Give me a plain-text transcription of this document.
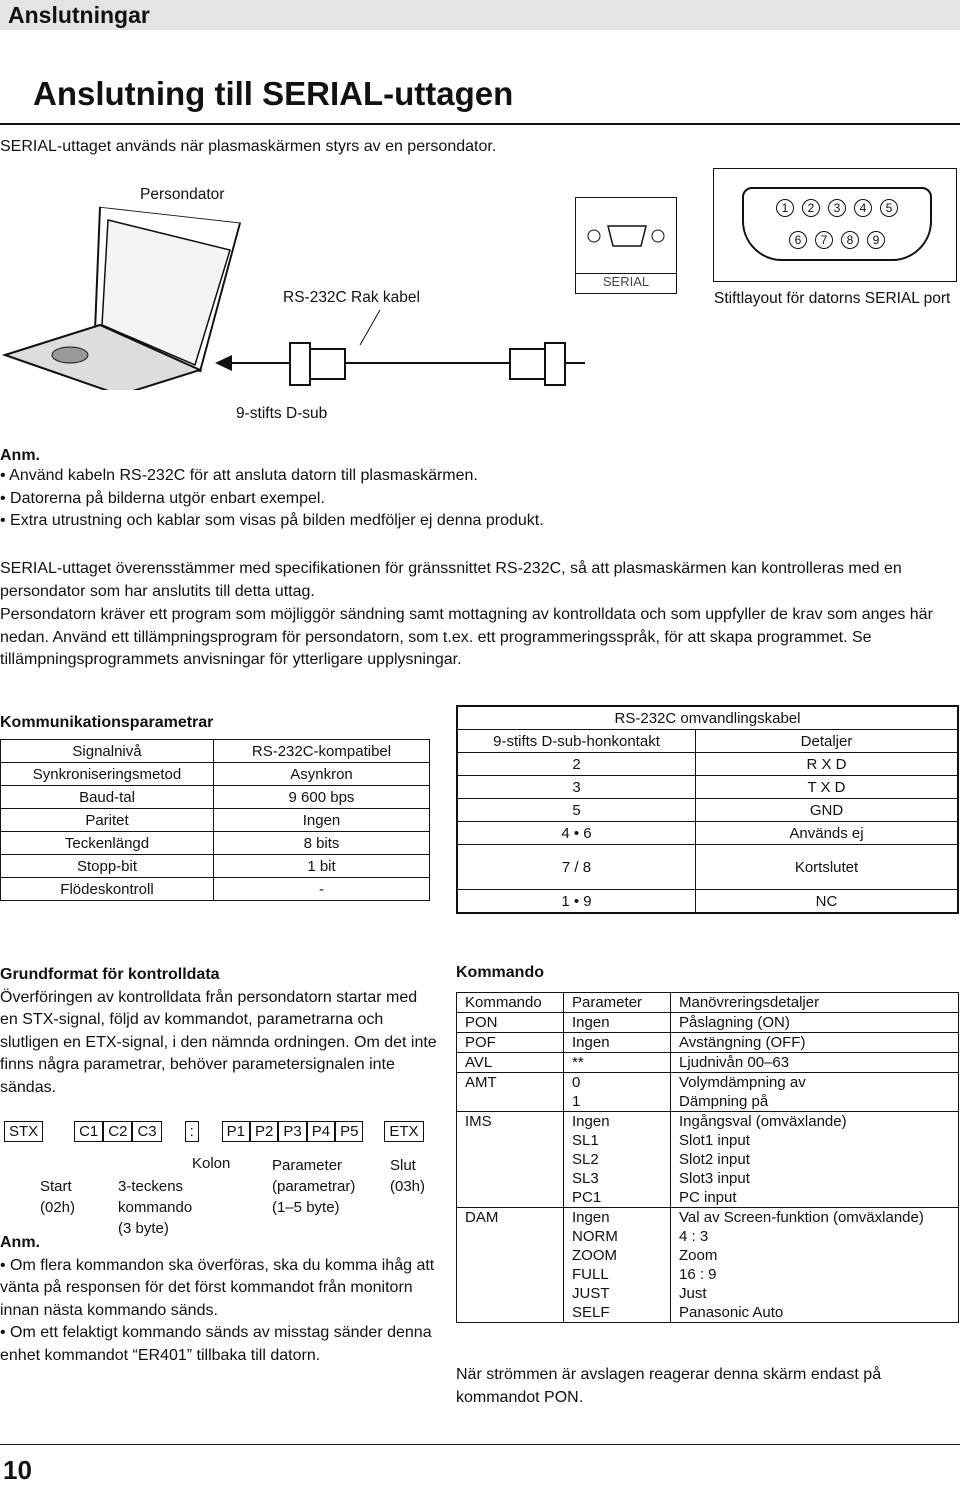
Anslutningar
Anslutning till SERIAL-uttagen
SERIAL-uttaget används när plasmaskärmen styrs av en persondator.
Persondator
RS-232C Rak kabel
9-stifts D-sub
SERIAL
1 2 3 4 5
6 7 8 9
Stiftlayout för datorns SERIAL port
Anm.
• Använd kabeln RS-232C för att ansluta datorn till plasmaskärmen.
• Datorerna på bilderna utgör enbart exempel.
• Extra utrustning och kablar som visas på bilden medföljer ej denna produkt.
SERIAL-uttaget överensstämmer med specifikationen för gränssnittet RS-232C, så att plasmaskärmen kan kontrolleras med en persondator som har anslutits till detta uttag.
Persondatorn kräver ett program som möjliggör sändning samt mottagning av kontrolldata och som uppfyller de krav som anges här nedan. Använd ett tillämpningsprogram för persondatorn, som t.ex. ett programmeringsspråk, för att skapa programmet. Se tillämpningsprogrammets anvisningar för ytterligare upplysningar.
Kommunikationsparametrar
Signalnivå	RS-232C-kompatibel
Synkroniseringsmetod	Asynkron
Baud-tal	9 600 bps
Paritet	Ingen
Teckenlängd	8 bits
Stopp-bit	1 bit
Flödeskontroll	-
RS-232C omvandlingskabel	
9-stifts D-sub-honkontakt	Detaljer
2	R X D
3	T X D
5	GND
4 • 6	Används ej
7 / 8	Kortslutet
1 • 9	NC
Grundformat för kontrolldata
Överföringen av kontrolldata från persondatorn startar med en STX-signal, följd av kommandot, parametrarna och slutligen en ETX-signal, i den nämnda ordningen. Om det inte finns några parametrar, behöver parametersignalen inte sändas.
STX	C1 C2 C3 : P1 P2 P3 P4 P5 ETX
Kolon
Start
(02h)
3-teckens
kommando
(3 byte)
Parameter
(parametrar)
(1–5 byte)
Slut
(03h)
Anm.
• Om flera kommandon ska överföras, ska du komma ihåg att vänta på responsen för det först kommandot från monitorn innan nästa kommando sänds.
• Om ett felaktigt kommando sänds av misstag sänder denna enhet kommandot “ER401” tillbaka till datorn.
Kommando
Kommando	Parameter	Manövreringsdetaljer
PON	Ingen	Påslagning (ON)
POF	Ingen	Avstängning (OFF)
AVL	**	Ljudnivån 00–63
AMT	0	Volymdämpning av
	1	Dämpning på
IMS	Ingen	Ingångsval (omväxlande)
	SL1	Slot1 input
	SL2	Slot2 input
	SL3	Slot3 input
	PC1	PC input
DAM	Ingen	Val av Screen-funktion (omväxlande)
	NORM	4 : 3
	ZOOM	Zoom
	FULL	16 : 9
	JUST	Just
	SELF	Panasonic Auto
När strömmen är avslagen reagerar denna skärm endast på kommandot PON.
10
